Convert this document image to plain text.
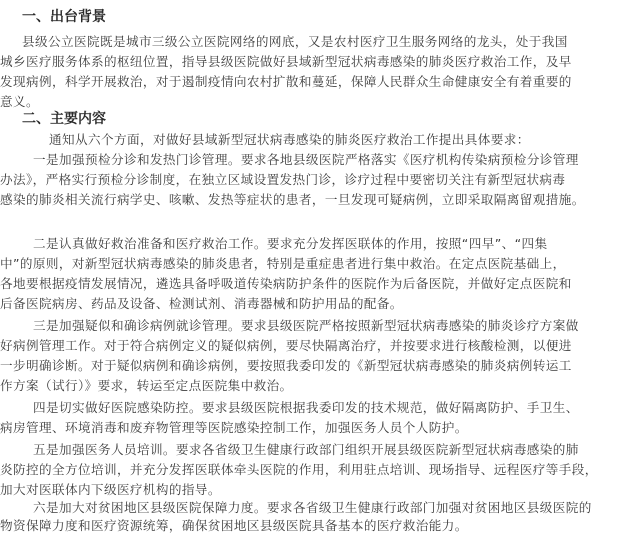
一、出台背景
县级公立医院既是城市三级公立医院网络的网底，又是农村医疗卫生服务网络的龙头，处于我国
城乡医疗服务体系的枢纽位置，指导县级医院做好县域新型冠状病毒感染的肺炎医疗救治工作，及早
发现病例，科学开展救治，对于遏制疫情向农村扩散和蔓延，保障人民群众生命健康安全有着重要的
意义。
二、主要内容
通知从六个方面，对做好县域新型冠状病毒感染的肺炎医疗救治工作提出具体要求：
一是加强预检分诊和发热门诊管理。要求各地县级医院严格落实《医疗机构传染病预检分诊管理
办法》，严格实行预检分诊制度，在独立区域设置发热门诊，诊疗过程中要密切关注有新型冠状病毒
感染的肺炎相关流行病学史、咳嗽、发热等症状的患者，一旦发现可疑病例，立即采取隔离留观措施。
二是认真做好救治准备和医疗救治工作。要求充分发挥医联体的作用，按照“四早”、“四集
中”的原则，对新型冠状病毒感染的肺炎患者，特别是重症患者进行集中救治。在定点医院基础上，
各地要根据疫情发展情况，遴选具备呼吸道传染病防护条件的医院作为后备医院，并做好定点医院和
后备医院病房、药品及设备、检测试剂、消毒器械和防护用品的配备。
三是加强疑似和确诊病例就诊管理。要求县级医院严格按照新型冠状病毒感染的肺炎诊疗方案做
好病例管理工作。对于符合病例定义的疑似病例，要尽快隔离治疗，并按要求进行核酸检测，以便进
一步明确诊断。对于疑似病例和确诊病例，要按照我委印发的《新型冠状病毒感染的肺炎病例转运工
作方案（试行）》要求，转运至定点医院集中救治。
四是切实做好医院感染防控。要求县级医院根据我委印发的技术规范，做好隔离防护、手卫生、
病房管理、环境消毒和废弃物管理等医院感染控制工作，加强医务人员个人防护。
五是加强医务人员培训。要求各省级卫生健康行政部门组织开展县级医院新型冠状病毒感染的肺
炎防控的全方位培训，并充分发挥医联体牵头医院的作用，利用驻点培训、现场指导、远程医疗等手段，
加大对医联体内下级医疗机构的指导。
六是加大对贫困地区县级医院保障力度。要求各省级卫生健康行政部门加强对贫困地区县级医院的
物资保障力度和医疗资源统筹，确保贫困地区县级医院具备基本的医疗救治能力。
